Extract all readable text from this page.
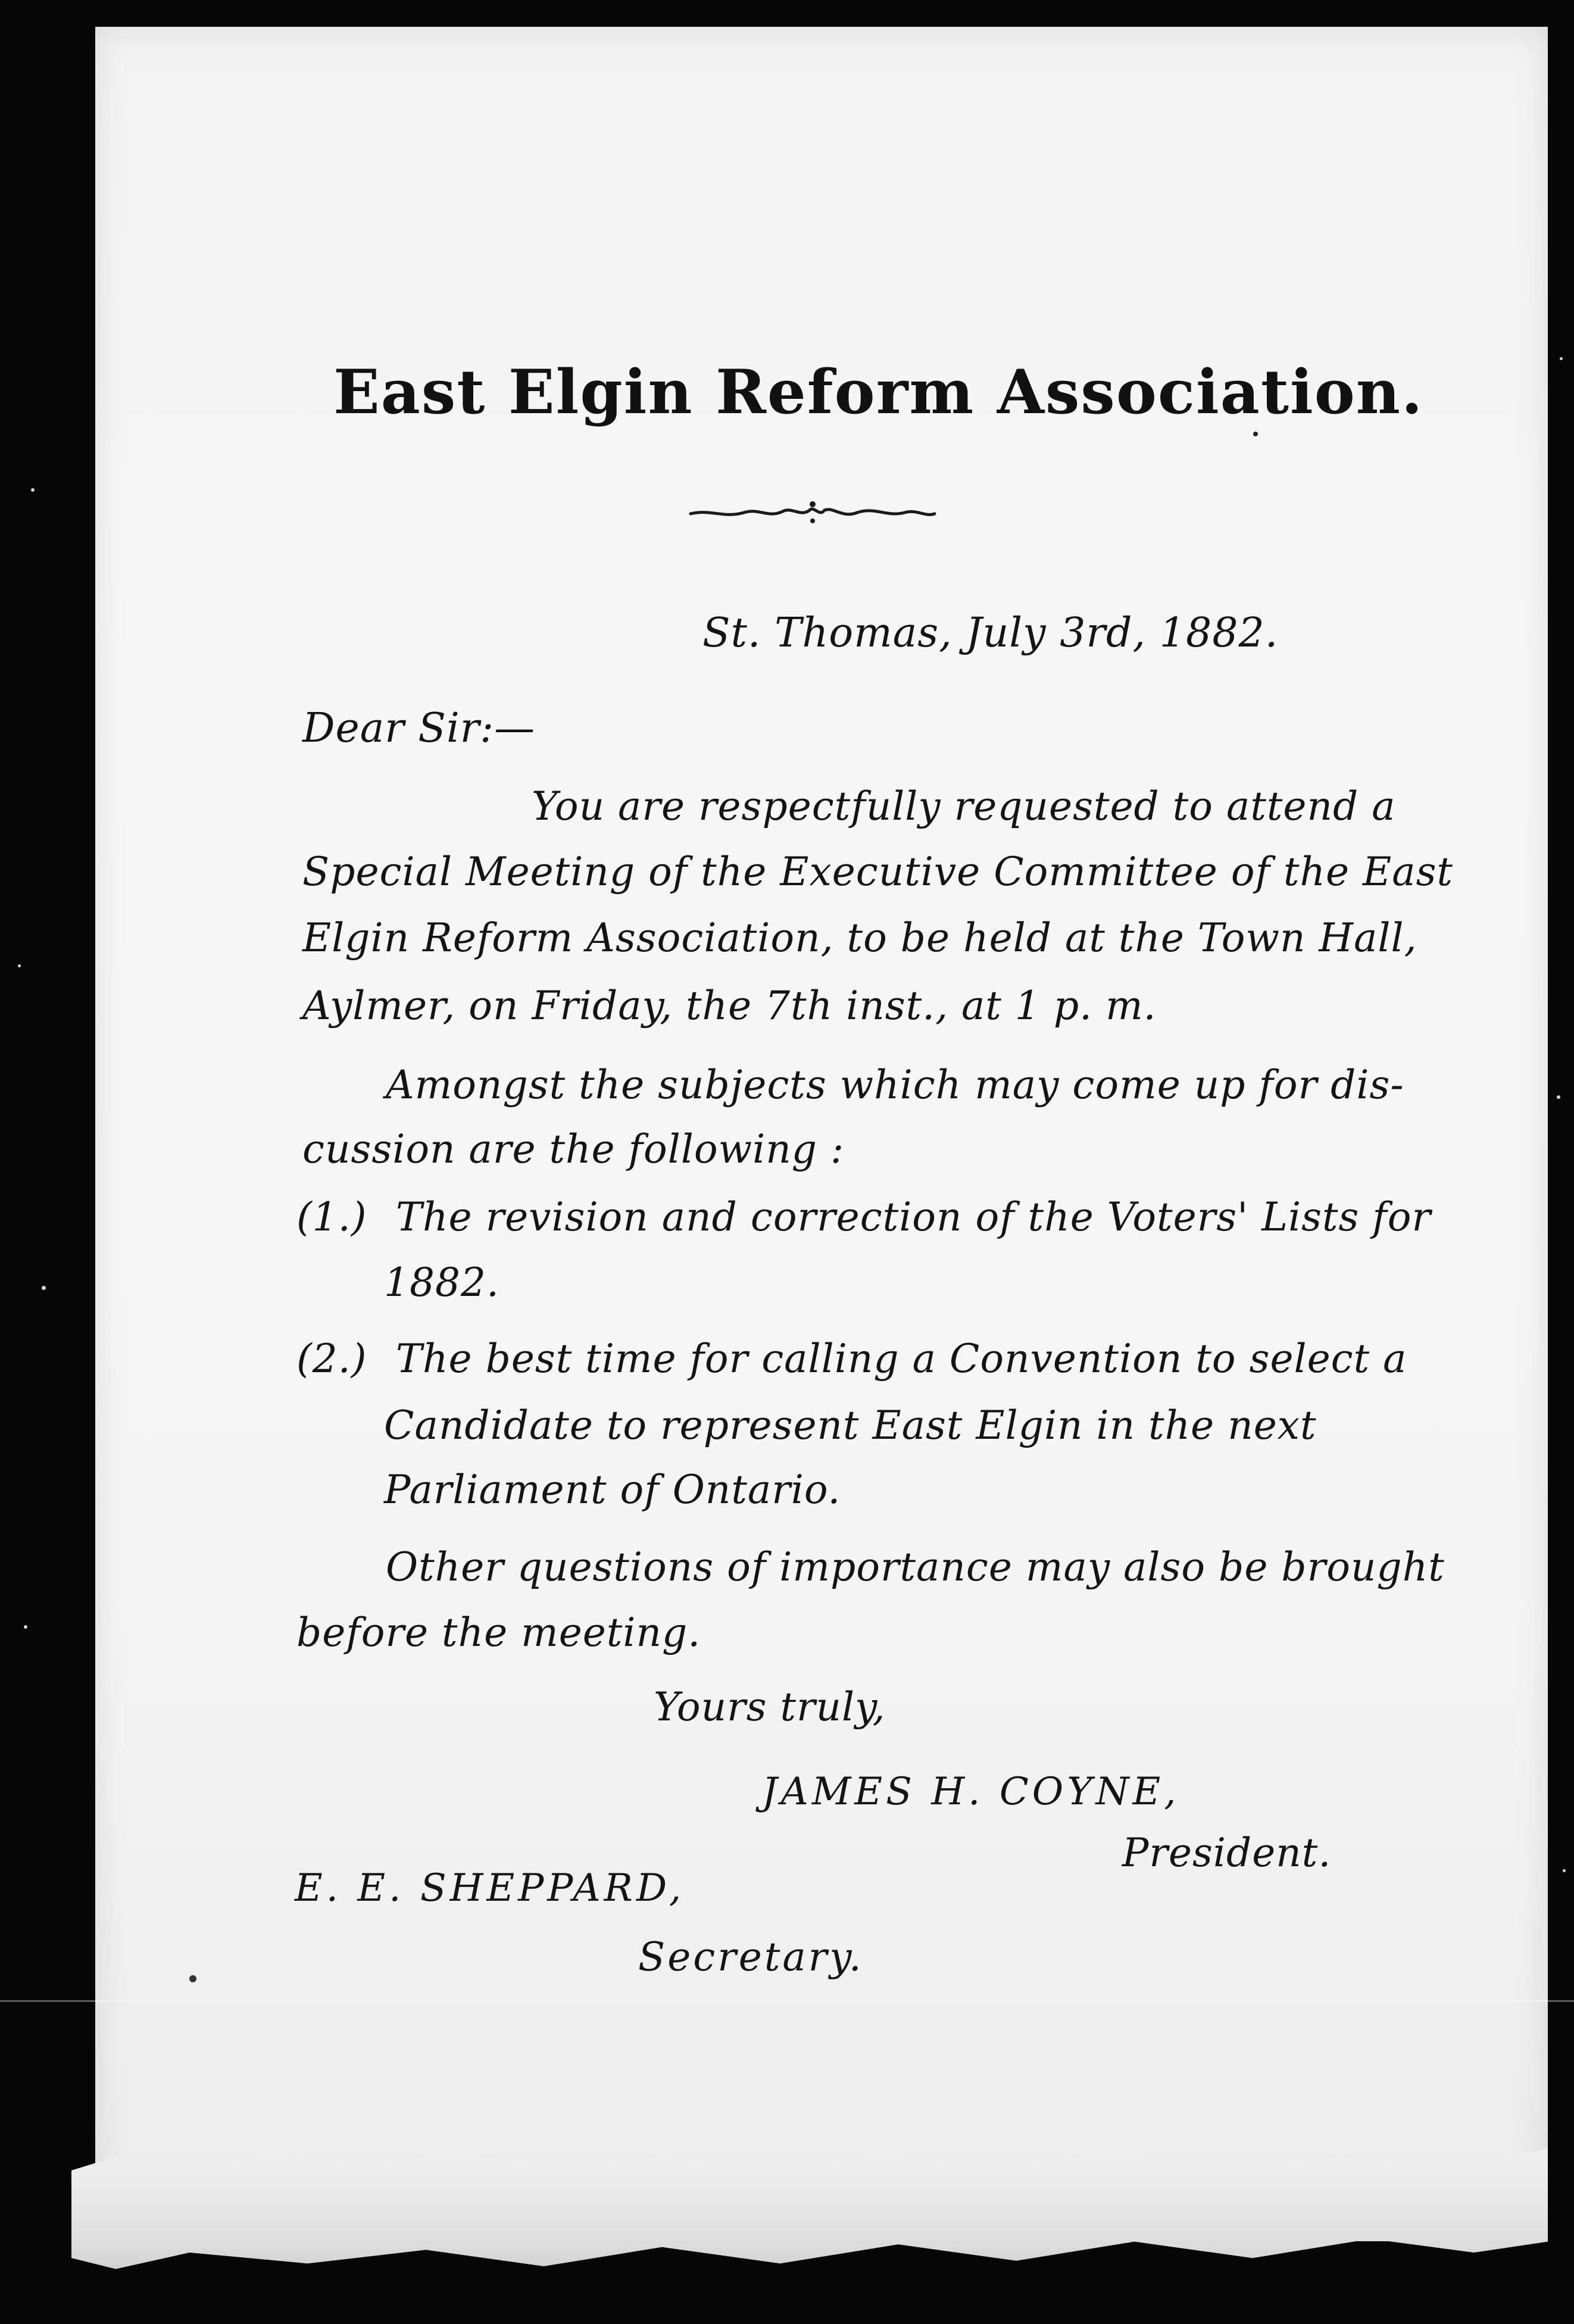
East Elgin Reform Association.

St. Thomas, July 3rd, 1882.

Dear Sir:—

You are respectfully requested to attend a

Special Meeting of the Executive Committee of the East

Elgin Reform Association, to be held at the Town Hall,

Aylmer, on Friday, the 7th inst., at 1 p. m.

Amongst the subjects which may come up for dis-

cussion are the following :

(1.) The revision and correction of the Voters' Lists for

1882.

(2.) The best time for calling a Convention to select a

Candidate to represent East Elgin in the next

Parliament of Ontario.

Other questions of importance may also be brought

before the meeting.

Yours truly,

JAMES H. COYNE,

President.

E. E. SHEPPARD,

Secretary.
